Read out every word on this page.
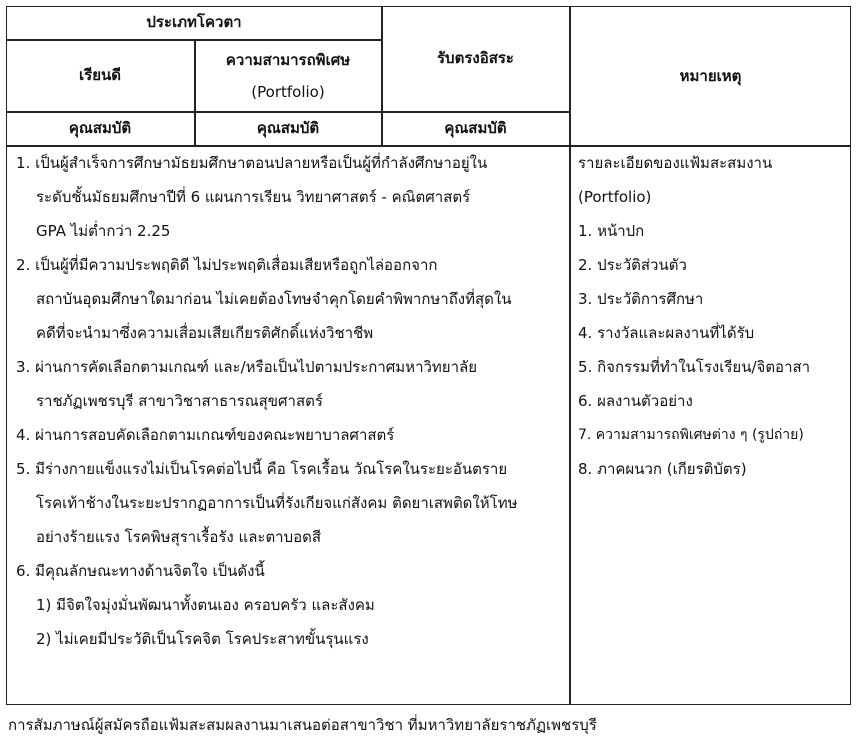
ประเภทโควตา
เรียนดี
ความสามารถพิเศษ
(Portfolio)
รับตรงอิสระ
หมายเหตุ
คุณสมบัติ	คุณสมบัติ	คุณสมบัติ
1. เป็นผู้สำเร็จการศึกษามัธยมศึกษาตอนปลายหรือเป็นผู้ที่กำลังศึกษาอยู่ใน
ระดับชั้นมัธยมศึกษาปีที่ 6 แผนการเรียน วิทยาศาสตร์ - คณิตศาสตร์
GPA ไม่ต่ำกว่า 2.25
2. เป็นผู้ที่มีความประพฤติดี ไม่ประพฤติเสื่อมเสียหรือถูกไล่ออกจาก
สถาบันอุดมศึกษาใดมาก่อน ไม่เคยต้องโทษจำคุกโดยคำพิพากษาถึงที่สุดใน
คดีที่จะนำมาซึ่งความเสื่อมเสียเกียรติศักดิ์แห่งวิชาชีพ
3. ผ่านการคัดเลือกตามเกณฑ์ และ/หรือเป็นไปตามประกาศมหาวิทยาลัย
ราชภัฏเพชรบุรี สาขาวิชาสาธารณสุขศาสตร์
4. ผ่านการสอบคัดเลือกตามเกณฑ์ของคณะพยาบาลศาสตร์
5. มีร่างกายแข็งแรงไม่เป็นโรคต่อไปนี้ คือ โรคเรื้อน วัณโรคในระยะอันตราย
โรคเท้าช้างในระยะปรากฏอาการเป็นที่รังเกียจแก่สังคม ติดยาเสพติดให้โทษ
อย่างร้ายแรง โรคพิษสุราเรื้อรัง และตาบอดสี
6. มีคุณลักษณะทางด้านจิตใจ เป็นดังนี้
1) มีจิตใจมุ่งมั่นพัฒนาทั้งตนเอง ครอบครัว และสังคม
2) ไม่เคยมีประวัติเป็นโรคจิต โรคประสาทขั้นรุนแรง
รายละเอียดของแฟ้มสะสมงาน
(Portfolio)
1. หน้าปก
2. ประวัติส่วนตัว
3. ประวัติการศึกษา
4. รางวัลและผลงานที่ได้รับ
5. กิจกรรมที่ทำในโรงเรียน/จิตอาสา
6. ผลงานตัวอย่าง
7. ความสามารถพิเศษต่าง ๆ (รูปถ่าย)
8. ภาคผนวก (เกียรติบัตร)
การสัมภาษณ์ผู้สมัครถือแฟ้มสะสมผลงานมาเสนอต่อสาขาวิชา ที่มหาวิทยาลัยราชภัฏเพชรบุรี
